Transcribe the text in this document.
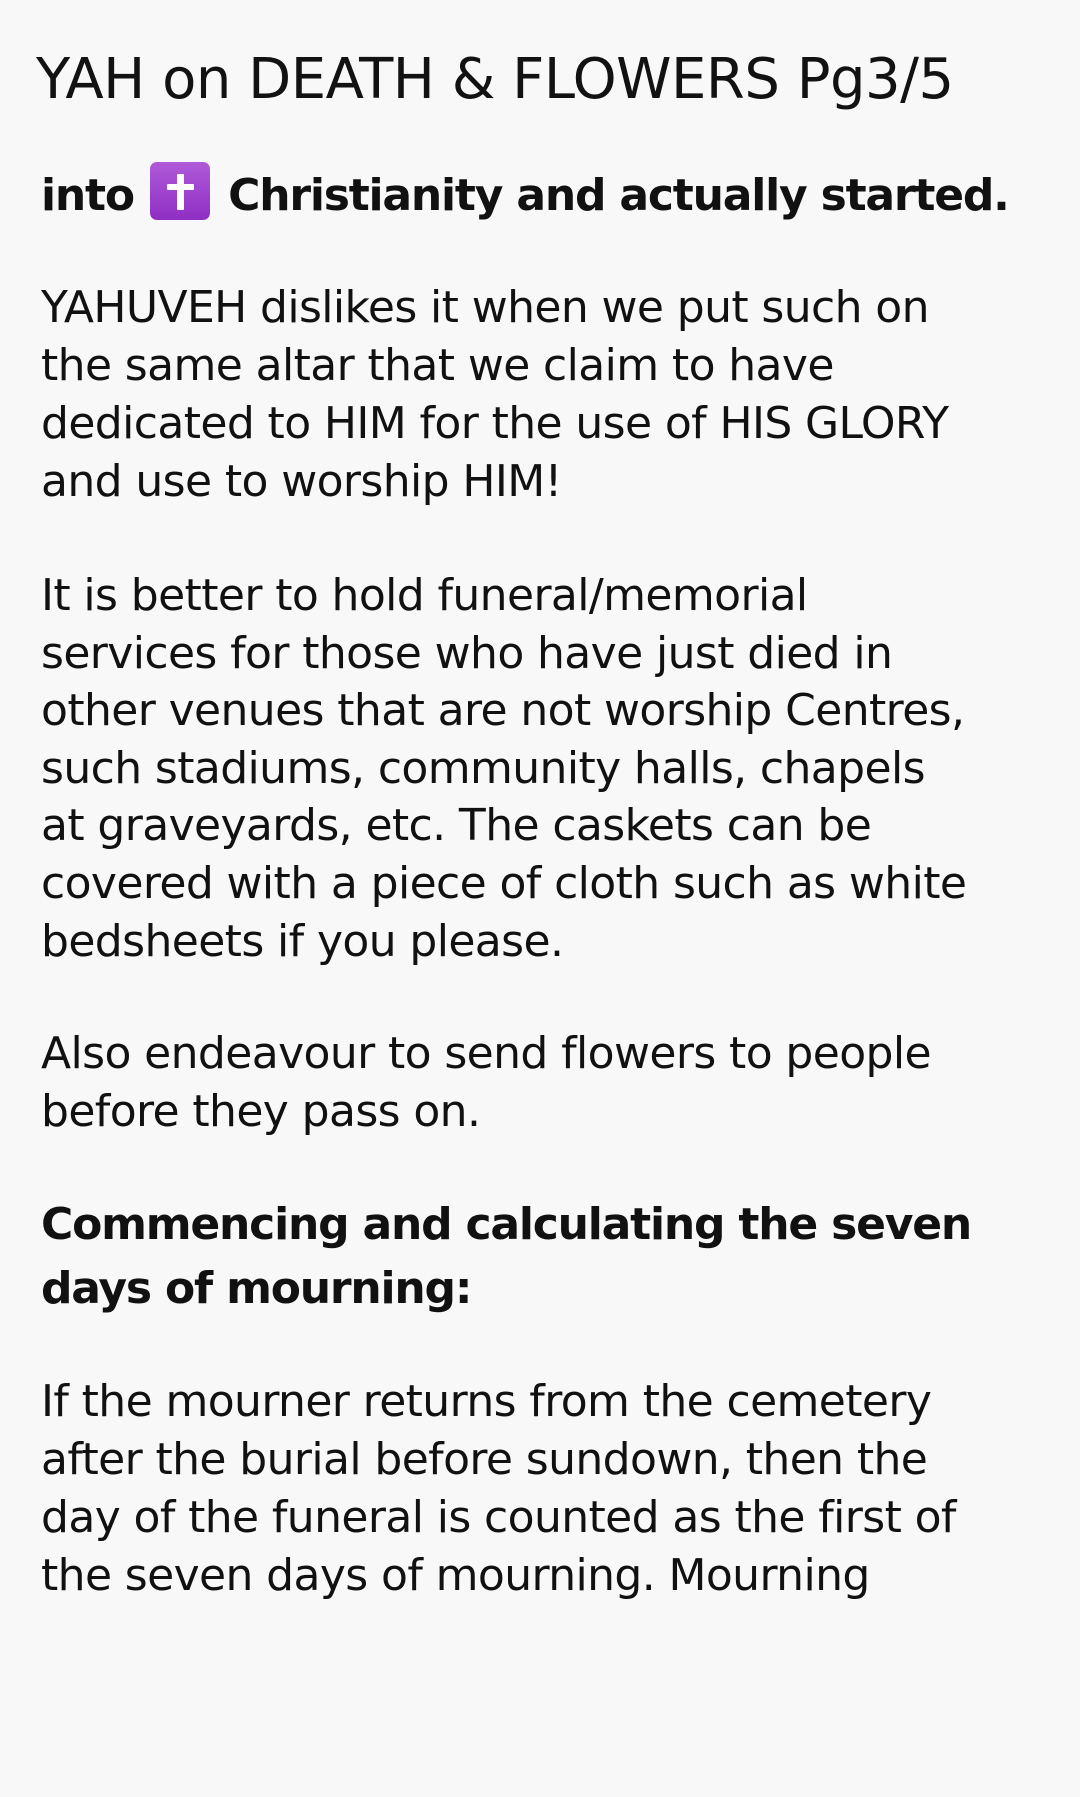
YAH on DEATH & FLOWERS Pg3/5

into Christianity and actually started.

YAHUVEH dislikes it when we put such on
the same altar that we claim to have
dedicated to HIM for the use of HIS GLORY
and use to worship HIM!

It is better to hold funeral/memorial
services for those who have just died in
other venues that are not worship Centres,
such stadiums, community halls, chapels
at graveyards, etc. The caskets can be
covered with a piece of cloth such as white
bedsheets if you please.

Also endeavour to send flowers to people
before they pass on.

Commencing and calculating the seven
days of mourning:

If the mourner returns from the cemetery
after the burial before sundown, then the
day of the funeral is counted as the first of
the seven days of mourning. Mourning
